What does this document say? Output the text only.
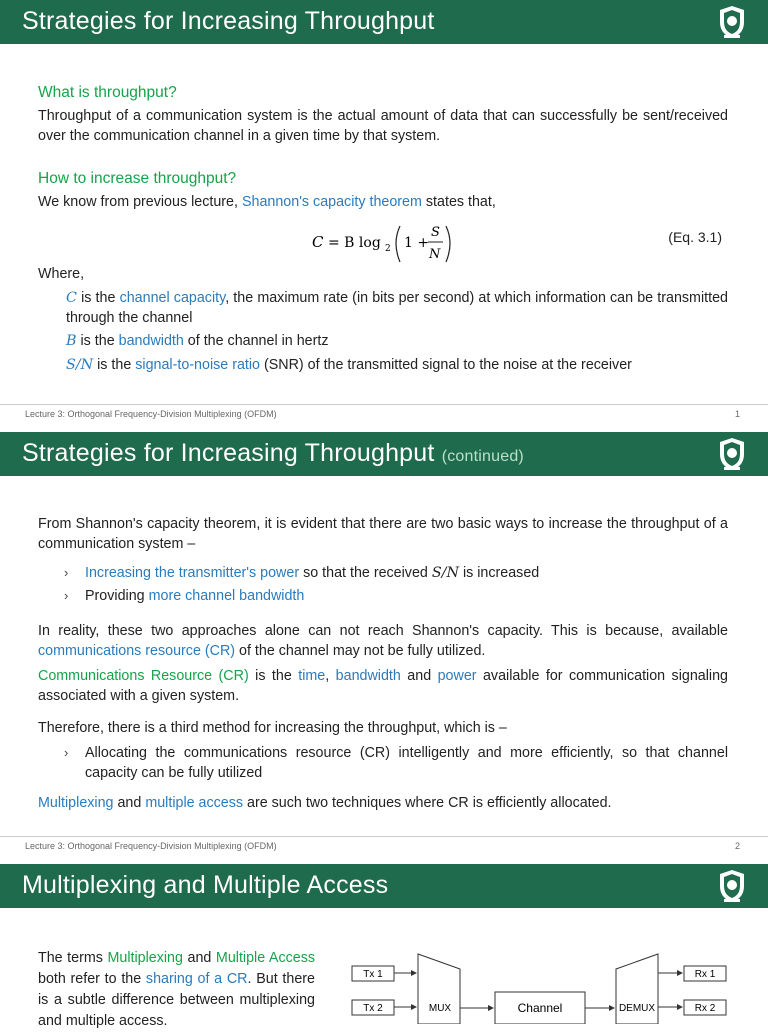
Strategies for Increasing Throughput
What is throughput?
Throughput of a communication system is the actual amount of data that can successfully be sent/received over the communication channel in a given time by that system.
How to increase throughput?
We know from previous lecture, Shannon's capacity theorem states that,
C = B log 2 1 +
S
N
(Eq. 3.1)
Where,
C is the channel capacity, the maximum rate (in bits per second) at which information can be transmitted through the channel
B is the bandwidth of the channel in hertz
S/N is the signal-to-noise ratio (SNR) of the transmitted signal to the noise at the receiver
Lecture 3: Orthogonal Frequency-Division Multiplexing (OFDM)	1
Strategies for Increasing Throughput (continued)
From Shannon's capacity theorem, it is evident that there are two basic ways to increase the throughput of a communication system –
› Increasing the transmitter's power so that the received S/N is increased
› Providing more channel bandwidth
In reality, these two approaches alone can not reach Shannon's capacity. This is because, available communications resource (CR) of the channel may not be fully utilized.
Communications Resource (CR) is the time, bandwidth and power available for communication signaling associated with a given system.
Therefore, there is a third method for increasing the throughput, which is –
› Allocating the communications resource (CR) intelligently and more efficiently, so that channel capacity can be fully utilized
Multiplexing and multiple access are such two techniques where CR is efficiently allocated.
Lecture 3: Orthogonal Frequency-Division Multiplexing (OFDM)	2
Multiplexing and Multiple Access
The terms Multiplexing and Multiple Access both refer to the sharing of a CR. But there is a subtle difference between multiplexing and multiple access.
Tx 1
Tx 2	MUX	Channel	DEMUX
Rx 1
Rx 2
